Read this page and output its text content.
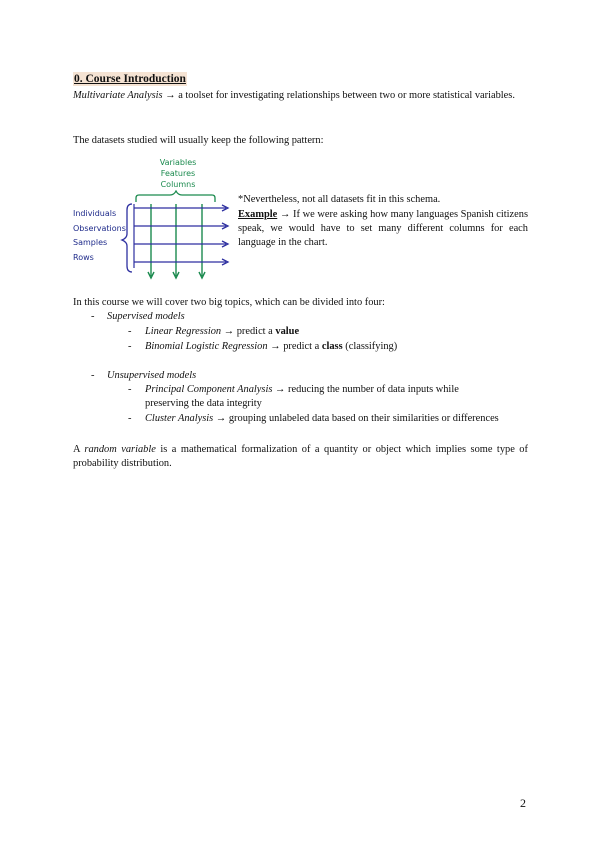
0. Course Introduction
Multivariate Analysis → a toolset for investigating relationships between two or more statistical variables.
The datasets studied will usually keep the following pattern:
Variables
Features
Columns
Individuals
Observations
Samples
Rows
*Nevertheless, not all datasets fit in this schema.
Example → If we were asking how many languages Spanish citizens speak, we would have to set many different columns for each language in the chart.
In this course we will cover two big topics, which can be divided into four:
- Supervised models
- Linear Regression → predict a value
- Binomial Logistic Regression → predict a class (classifying)
- Unsupervised models
- Principal Component Analysis → reducing the number of data inputs while
preserving the data integrity
- Cluster Analysis → grouping unlabeled data based on their similarities or differences
A random variable is a mathematical formalization of a quantity or object which implies some type of probability distribution.
2
